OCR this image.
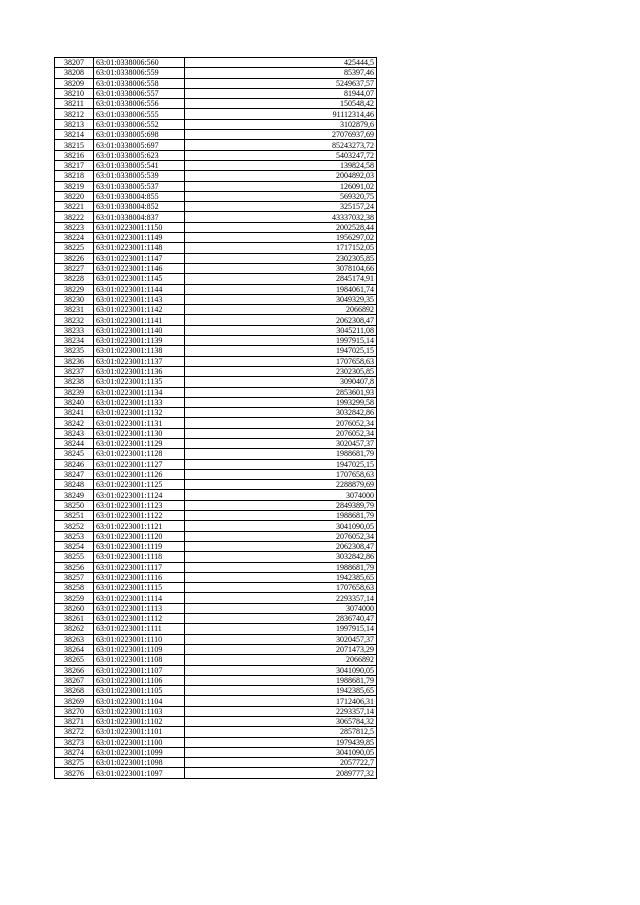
38207	63:01:0338006:560	425444,5
38208	63:01:0338006:559	85397,46
38209	63:01:0338006:558	5249637,57
38210	63:01:0338006:557	81944,07
38211	63:01:0338006:556	150548,42
38212	63:01:0338006:555	91112314,46
38213	63:01:0338006:552	3102879,6
38214	63:01:0338005:698	27076937,69
38215	63:01:0338005:697	85243273,72
38216	63:01:0338005:623	5403247,72
38217	63:01:0338005:541	139824,58
38218	63:01:0338005:539	2004892,03
38219	63:01:0338005:537	126091,02
38220	63:01:0338004:855	569320,75
38221	63:01:0338004:852	325157,24
38222	63:01:0338004:837	43337032,38
38223	63:01:0223001:1150	2002528,44
38224	63:01:0223001:1149	1956297,02
38225	63:01:0223001:1148	1717152,05
38226	63:01:0223001:1147	2302305,85
38227	63:01:0223001:1146	3078104,66
38228	63:01:0223001:1145	2845174,91
38229	63:01:0223001:1144	1984061,74
38230	63:01:0223001:1143	3049329,35
38231	63:01:0223001:1142	2066892
38232	63:01:0223001:1141	2062308,47
38233	63:01:0223001:1140	3045211,08
38234	63:01:0223001:1139	1997915,14
38235	63:01:0223001:1138	1947025,15
38236	63:01:0223001:1137	1707658,63
38237	63:01:0223001:1136	2302305,85
38238	63:01:0223001:1135	3090407,8
38239	63:01:0223001:1134	2853601,93
38240	63:01:0223001:1133	1993299,58
38241	63:01:0223001:1132	3032842,86
38242	63:01:0223001:1131	2076052,34
38243	63:01:0223001:1130	2076052,34
38244	63:01:0223001:1129	3020457,37
38245	63:01:0223001:1128	1988681,79
38246	63:01:0223001:1127	1947025,15
38247	63:01:0223001:1126	1707658,63
38248	63:01:0223001:1125	2288879,69
38249	63:01:0223001:1124	3074000
38250	63:01:0223001:1123	2849389,79
38251	63:01:0223001:1122	1988681,79
38252	63:01:0223001:1121	3041090,05
38253	63:01:0223001:1120	2076052,34
38254	63:01:0223001:1119	2062308,47
38255	63:01:0223001:1118	3032842,86
38256	63:01:0223001:1117	1988681,79
38257	63:01:0223001:1116	1942385,65
38258	63:01:0223001:1115	1707658,63
38259	63:01:0223001:1114	2293357,14
38260	63:01:0223001:1113	3074000
38261	63:01:0223001:1112	2836740,47
38262	63:01:0223001:1111	1997915,14
38263	63:01:0223001:1110	3020457,37
38264	63:01:0223001:1109	2071473,29
38265	63:01:0223001:1108	2066892
38266	63:01:0223001:1107	3041090,05
38267	63:01:0223001:1106	1988681,79
38268	63:01:0223001:1105	1942385,65
38269	63:01:0223001:1104	1712406,31
38270	63:01:0223001:1103	2293357,14
38271	63:01:0223001:1102	3065784,32
38272	63:01:0223001:1101	2857812,5
38273	63:01:0223001:1100	1979439,85
38274	63:01:0223001:1099	3041090,05
38275	63:01:0223001:1098	2057722,7
38276	63:01:0223001:1097	2089777,32
